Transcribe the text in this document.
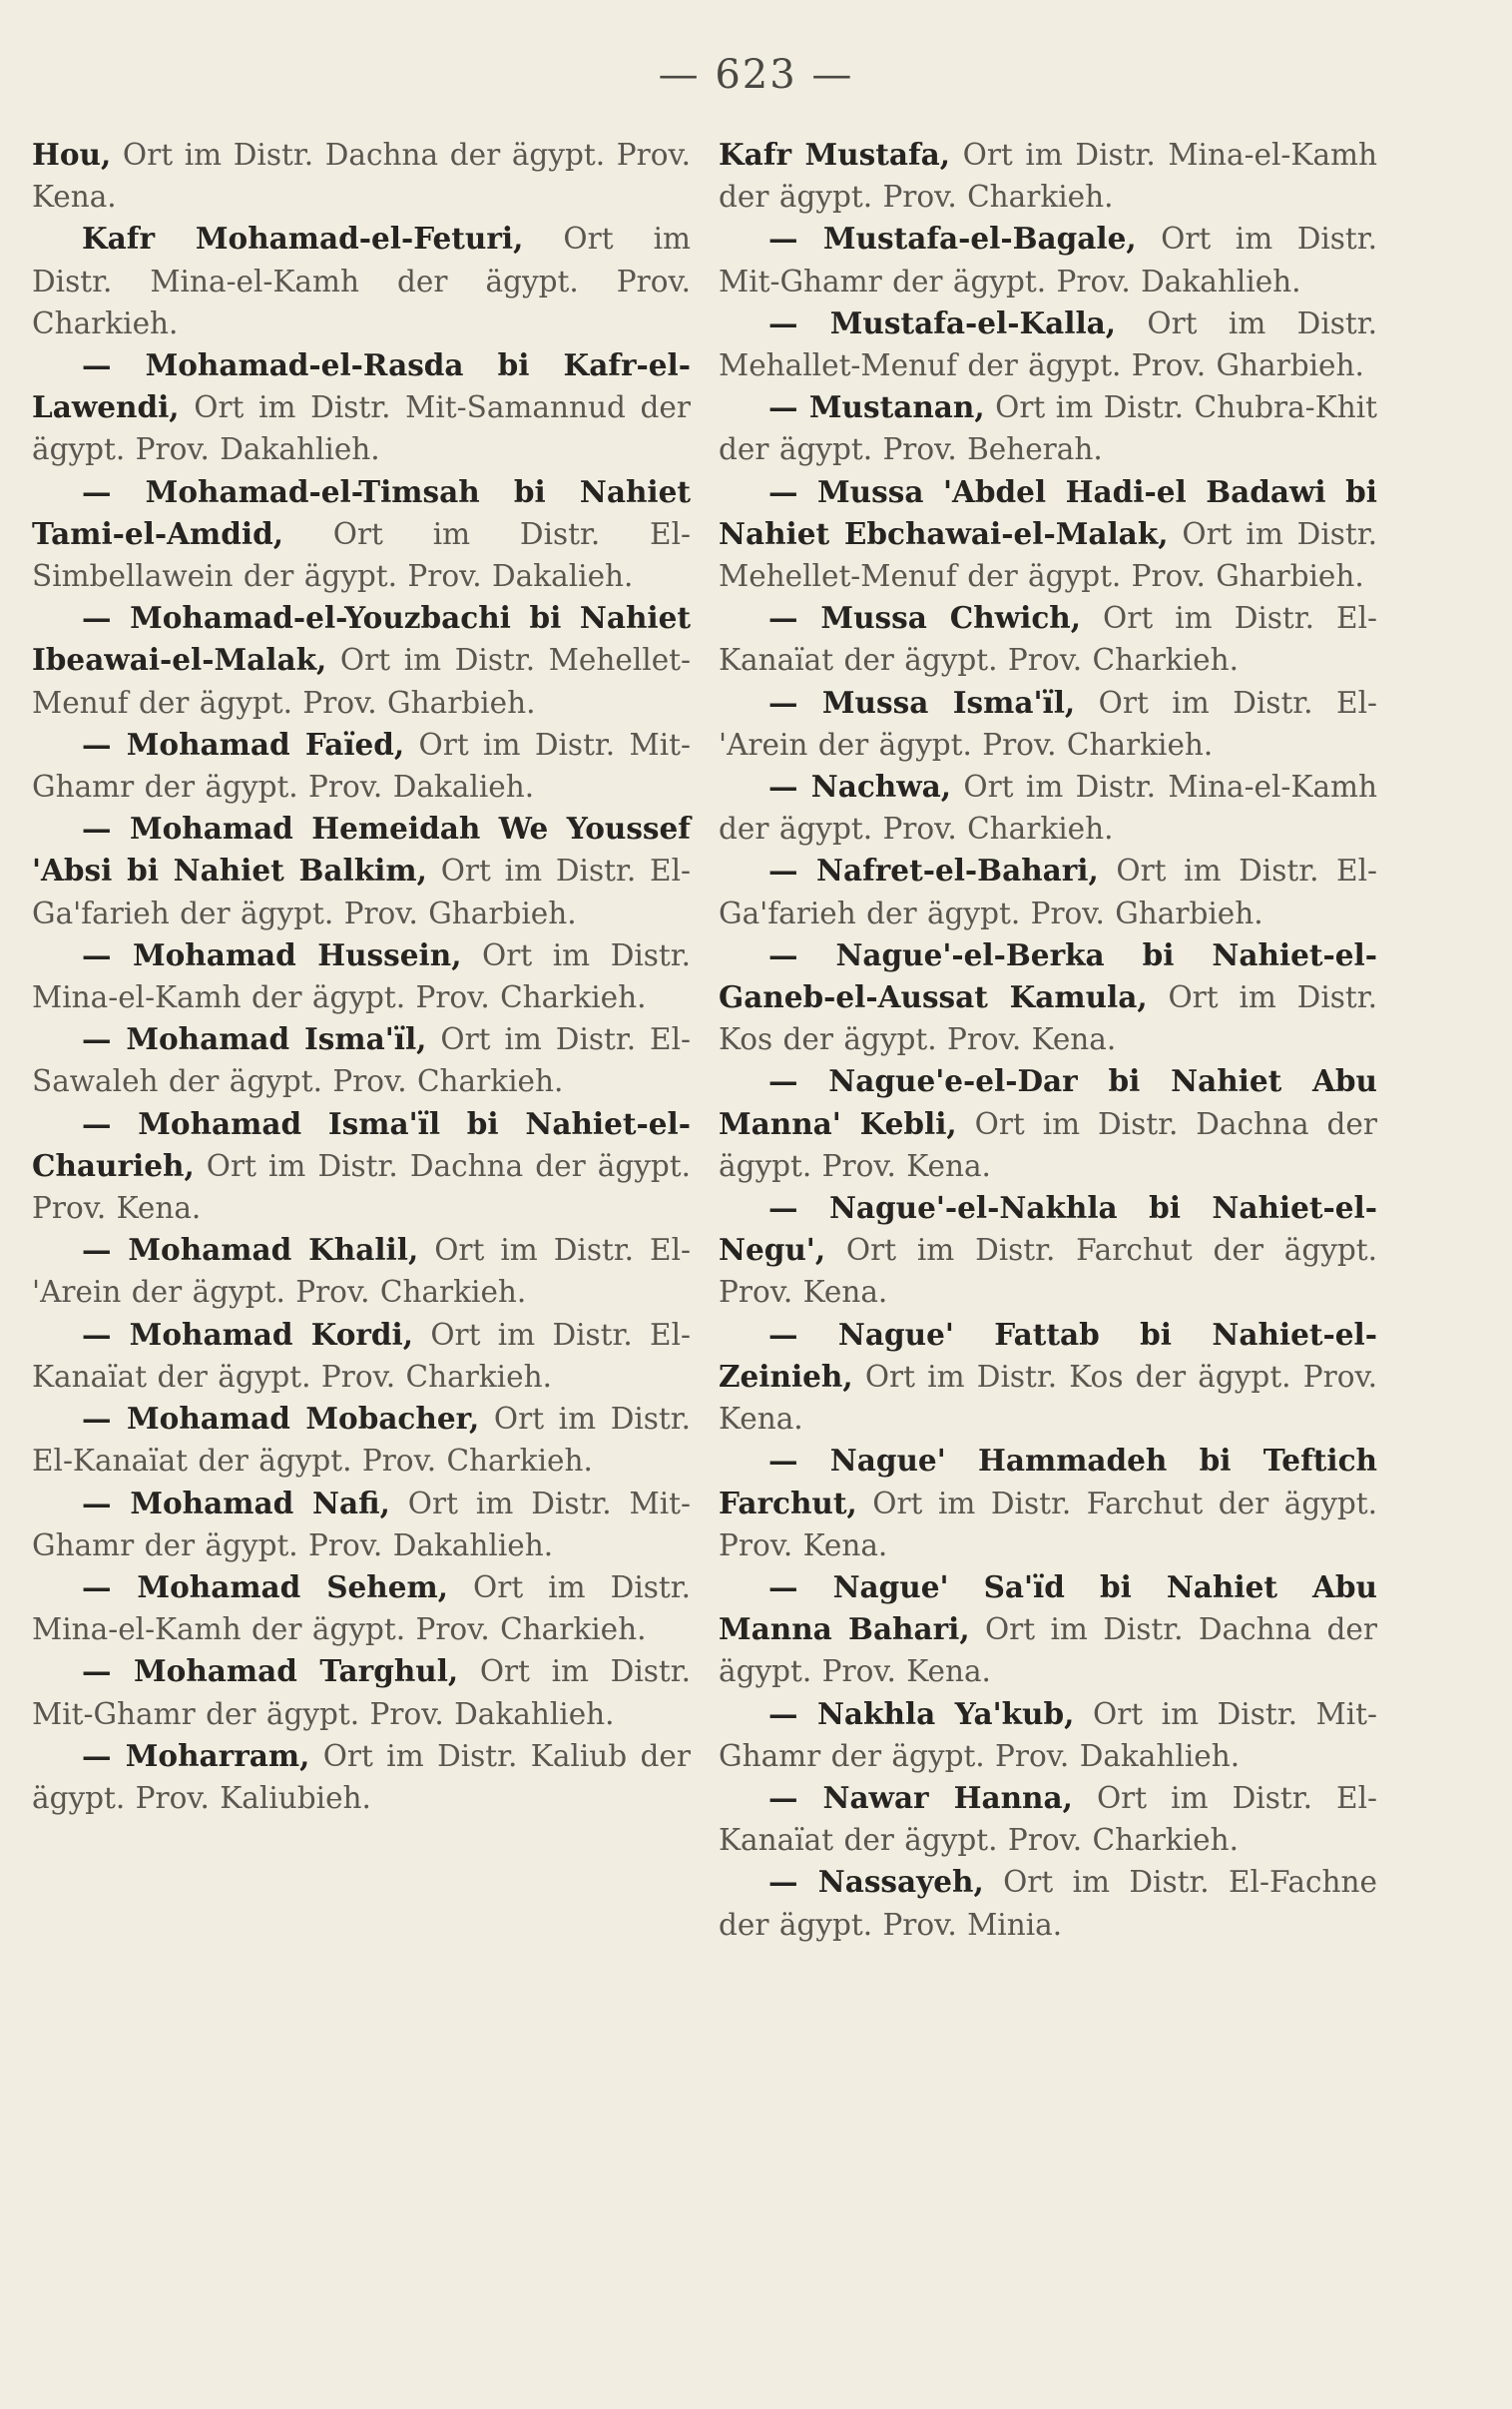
— 623 —
Hou, Ort im Distr. Dachna der ägypt. Prov. Kena.
Kafr Mohamad-el-Feturi, Ort im Distr. Mina-el-Kamh der ägypt. Prov. Charkieh.
— Mohamad-el-Rasda bi Kafr-el-Lawendi, Ort im Distr. Mit-Samannud der ägypt. Prov. Dakahlieh.
— Mohamad-el-Timsah bi Nahiet Tami-el-Amdid, Ort im Distr. El-Simbellawein der ägypt. Prov. Dakalieh.
— Mohamad-el-Youzbachi bi Nahiet Ibeawai-el-Malak, Ort im Distr. Mehellet-Menuf der ägypt. Prov. Gharbieh.
— Mohamad Faïed, Ort im Distr. Mit-Ghamr der ägypt. Prov. Dakalieh.
— Mohamad Hemeidah We Youssef 'Absi bi Nahiet Balkim, Ort im Distr. El-Ga'farieh der ägypt. Prov. Gharbieh.
— Mohamad Hussein, Ort im Distr. Mina-el-Kamh der ägypt. Prov. Charkieh.
— Mohamad Isma'ïl, Ort im Distr. El-Sawaleh der ägypt. Prov. Charkieh.
— Mohamad Isma'ïl bi Nahiet-el-Chaurieh, Ort im Distr. Dachna der ägypt. Prov. Kena.
— Mohamad Khalil, Ort im Distr. El-'Arein der ägypt. Prov. Charkieh.
— Mohamad Kordi, Ort im Distr. El-Kanaïat der ägypt. Prov. Charkieh.
— Mohamad Mobacher, Ort im Distr. El-Kanaïat der ägypt. Prov. Charkieh.
— Mohamad Nafi, Ort im Distr. Mit-Ghamr der ägypt. Prov. Dakahlieh.
— Mohamad Sehem, Ort im Distr. Mina-el-Kamh der ägypt. Prov. Charkieh.
— Mohamad Targhul, Ort im Distr. Mit-Ghamr der ägypt. Prov. Dakahlieh.
— Moharram, Ort im Distr. Kaliub der ägypt. Prov. Kaliubieh.
Kafr Mustafa, Ort im Distr. Mina-el-Kamh der ägypt. Prov. Charkieh.
— Mustafa-el-Bagale, Ort im Distr. Mit-Ghamr der ägypt. Prov. Dakahlieh.
— Mustafa-el-Kalla, Ort im Distr. Mehallet-Menuf der ägypt. Prov. Gharbieh.
— Mustanan, Ort im Distr. Chubra-Khit der ägypt. Prov. Beherah.
— Mussa 'Abdel Hadi-el Badawi bi Nahiet Ebchawai-el-Malak, Ort im Distr. Mehellet-Menuf der ägypt. Prov. Gharbieh.
— Mussa Chwich, Ort im Distr. El-Kanaïat der ägypt. Prov. Charkieh.
— Mussa Isma'ïl, Ort im Distr. El-'Arein der ägypt. Prov. Charkieh.
— Nachwa, Ort im Distr. Mina-el-Kamh der ägypt. Prov. Charkieh.
— Nafret-el-Bahari, Ort im Distr. El-Ga'farieh der ägypt. Prov. Gharbieh.
— Nague'-el-Berka bi Nahiet-el-Ganeb-el-Aussat Kamula, Ort im Distr. Kos der ägypt. Prov. Kena.
— Nague'e-el-Dar bi Nahiet Abu Manna' Kebli, Ort im Distr. Dachna der ägypt. Prov. Kena.
— Nague'-el-Nakhla bi Nahiet-el-Negu', Ort im Distr. Farchut der ägypt. Prov. Kena.
— Nague' Fattab bi Nahiet-el-Zeinieh, Ort im Distr. Kos der ägypt. Prov. Kena.
— Nague' Hammadeh bi Teftich Farchut, Ort im Distr. Farchut der ägypt. Prov. Kena.
— Nague' Sa'ïd bi Nahiet Abu Manna Bahari, Ort im Distr. Dachna der ägypt. Prov. Kena.
— Nakhla Ya'kub, Ort im Distr. Mit-Ghamr der ägypt. Prov. Dakahlieh.
— Nawar Hanna, Ort im Distr. El-Kanaïat der ägypt. Prov. Charkieh.
— Nassayeh, Ort im Distr. El-Fachne der ägypt. Prov. Minia.
